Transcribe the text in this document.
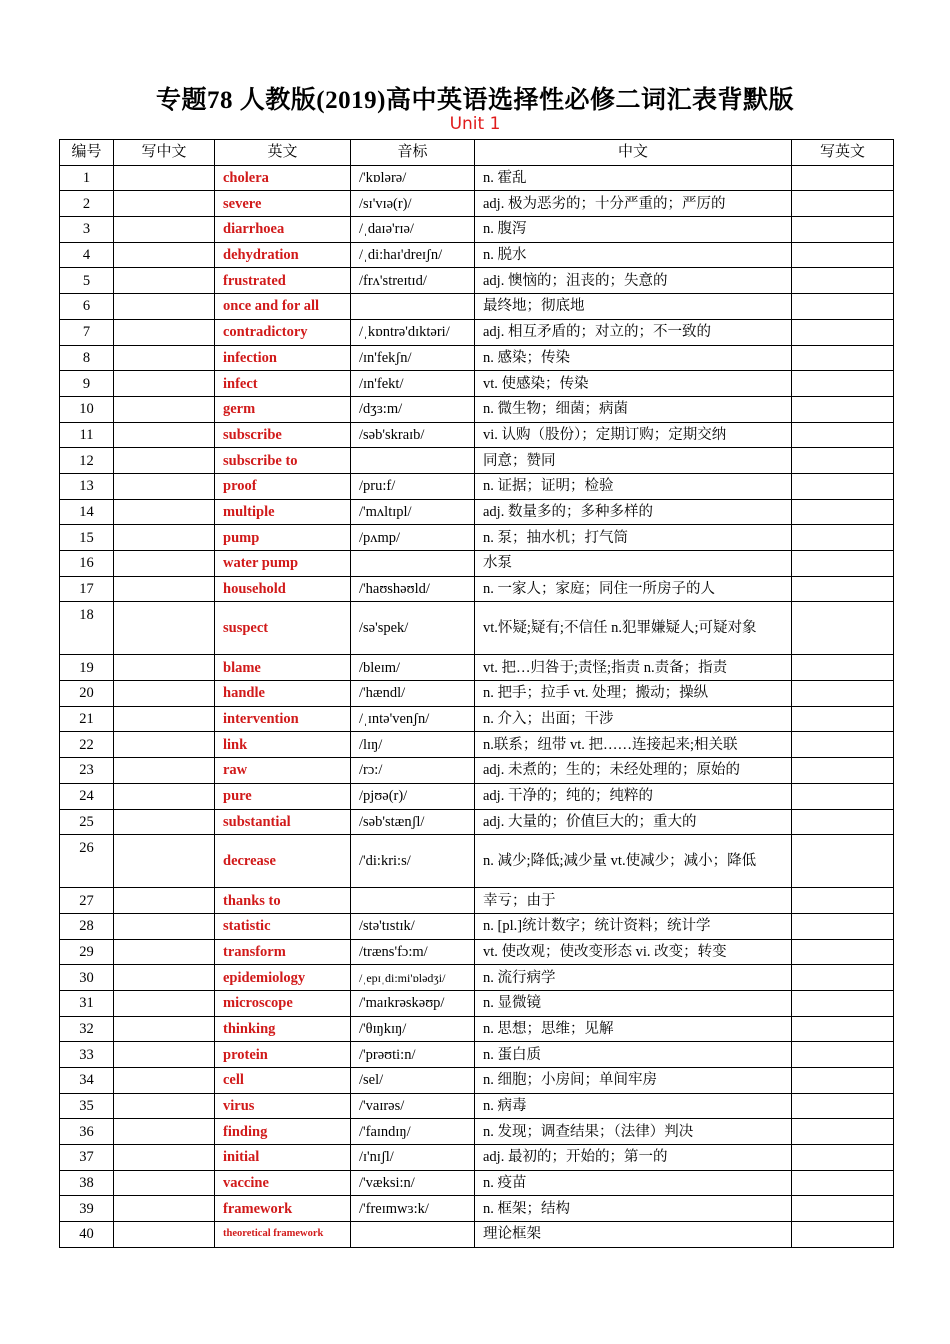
专题78 人教版(2019)高中英语选择性必修二词汇表背默版
Unit 1
编号	写中文	英文	音标	中文	写英文
1		cholera	/'kɒlərə/	n. 霍乱	
2		severe	/sɪ'vɪə(r)/	adj. 极为恶劣的；十分严重的；严厉的	
3		diarrhoea	/ˌdaɪə'rɪə/	n. 腹泻	
4		dehydration	/ˌdi:haɪ'dreɪʃn/	n. 脱水	
5		frustrated	/frʌ'streɪtɪd/	adj. 懊恼的；沮丧的；失意的	
6		once and for all		最终地；彻底地	
7		contradictory	/ˌkɒntrə'dɪktəri/	adj. 相互矛盾的；对立的；不一致的	
8		infection	/ɪn'fekʃn/	n. 感染；传染	
9		infect	/ɪn'fekt/	vt. 使感染；传染	
10		germ	/dʒɜ:m/	n. 微生物；细菌；病菌	
11		subscribe	/səb'skraɪb/	vi. 认购（股份）；定期订购；定期交纳	
12		subscribe to		同意；赞同	
13		proof	/pru:f/	n. 证据；证明；检验	
14		multiple	/'mʌltɪpl/	adj. 数量多的；多种多样的	
15		pump	/pʌmp/	n. 泵；抽水机；打气筒	
16		water pump		水泵	
17		household	/'haʊshəʊld/	n. 一家人；家庭；同住一所房子的人	
18		suspect	/sə'spek/	vt.怀疑;疑有;不信任 n.犯罪嫌疑人;可疑对象	
19		blame	/bleɪm/	vt. 把…归咎于;责怪;指责 n.责备；指责	
20		handle	/'hændl/	n. 把手；拉手 vt. 处理；搬动；操纵	
21		intervention	/ˌɪntə'venʃn/	n. 介入；出面；干涉	
22		link	/lɪŋ/	n.联系；纽带 vt. 把……连接起来;相关联	
23		raw	/rɔ:/	adj. 未煮的；生的；未经处理的；原始的	
24		pure	/pjʊə(r)/	adj. 干净的；纯的；纯粹的	
25		substantial	/səb'stænʃl/	adj. 大量的；价值巨大的；重大的	
26		decrease	/'di:kri:s/	n. 减少;降低;减少量 vt.使减少；减小；降低	
27		thanks to		幸亏；由于	
28		statistic	/stə'tɪstɪk/	n. [pl.]统计数字；统计资料；统计学	
29		transform	/træns'fɔ:m/	vt. 使改观；使改变形态 vi. 改变；转变	
30		epidemiology	/ˌepɪˌdi:mi'ɒlədʒi/	n. 流行病学	
31		microscope	/'maɪkrəskəʊp/	n. 显微镜	
32		thinking	/'θɪŋkɪŋ/	n. 思想；思维；见解	
33		protein	/'prəʊti:n/	n. 蛋白质	
34		cell	/sel/	n. 细胞；小房间；单间牢房	
35		virus	/'vaɪrəs/	n. 病毒	
36		finding	/'faɪndɪŋ/	n. 发现；调查结果；（法律）判决	
37		initial	/ɪ'nɪʃl/	adj. 最初的；开始的；第一的	
38		vaccine	/'væksi:n/	n. 疫苗	
39		framework	/'freɪmwɜ:k/	n. 框架；结构	
40		theoretical framework		理论框架	
